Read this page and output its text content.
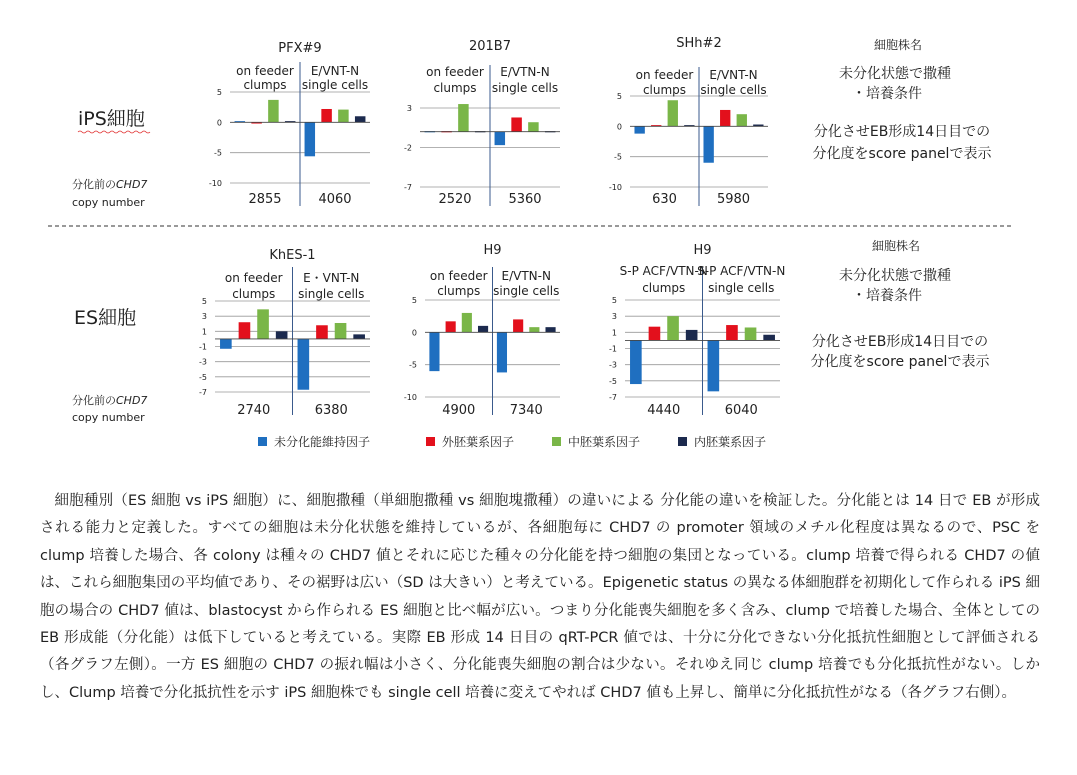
PFX#9
5
0
-5
-10
on feeder
clumps
2855
E/VNT-N
single cells
4060
201B7
3
-2
-7
on feeder
clumps
2520
E/VTN-N
single cells
5360
SHh#2
5
0
-5
-10
on feeder
clumps
630
E/VNT-N
single cells
5980
KhES-1
5
3
1
-1
-3
-5
-7
on feeder
clumps
2740
E・VNT-N
single cells
6380
H9
5
0
-5
-10
on feeder
clumps
4900
E/VTN-N
single cells
7340
H9
5
3
1
-1
-3
-5
-7
S-P ACF/VTN-N
clumps
4440
S-P ACF/VTN-N
single cells
6040
iPS細胞
分化前のCHD7
copy number
細胞株名
未分化状態で撒種
・培養条件
分化させEB形成14日目での
分化度をscore panelで表示
ES細胞
分化前のCHD7
copy number
細胞株名
未分化状態で撒種
・培養条件
分化させEB形成14日目での
分化度をscore panelで表示
未分化能維持因子	外胚葉系因子	中胚葉系因子	内胚葉系因子

細胞種別（ES 細胞 vs iPS 細胞）に、細胞撒種（単細胞撒種 vs 細胞塊撒種）の違いによる 分化能の違いを検証した。分化能とは 14 日で EB が形成される能力と定義した。すべての細胞は未分化状態を維持しているが、各細胞毎に CHD7 の promoter 領域のメチル化程度は異なるので、PSC を clump 培養した場合、各 colony は種々の CHD7 値とそれに応じた種々の分化能を持つ細胞の集団となっている。clump 培養で得られる CHD7 の値は、これら細胞集団の平均値であり、その裾野は広い（SD は大きい）と考えている。Epigenetic status の異なる体細胞群を初期化して作られる iPS 細胞の場合の CHD7 値は、blastocyst から作られる ES 細胞と比べ幅が広い。つまり分化能喪失細胞を多く含み、clump で培養した場合、全体としての EB 形成能（分化能）は低下していると考えている。実際 EB 形成 14 日目の qRT-PCR 値では、十分に分化できない分化抵抗性細胞として評価される （各グラフ左側）。一方 ES 細胞の CHD7 の振れ幅は小さく、分化能喪失細胞の割合は少ない。それゆえ同じ clump 培養でも分化抵抗性がない。しかし、Clump 培養で分化抵抗性を示す iPS 細胞株でも single cell 培養に変えてやれば CHD7 値も上昇し、簡単に分化抵抗性がなる（各グラフ右側）。
